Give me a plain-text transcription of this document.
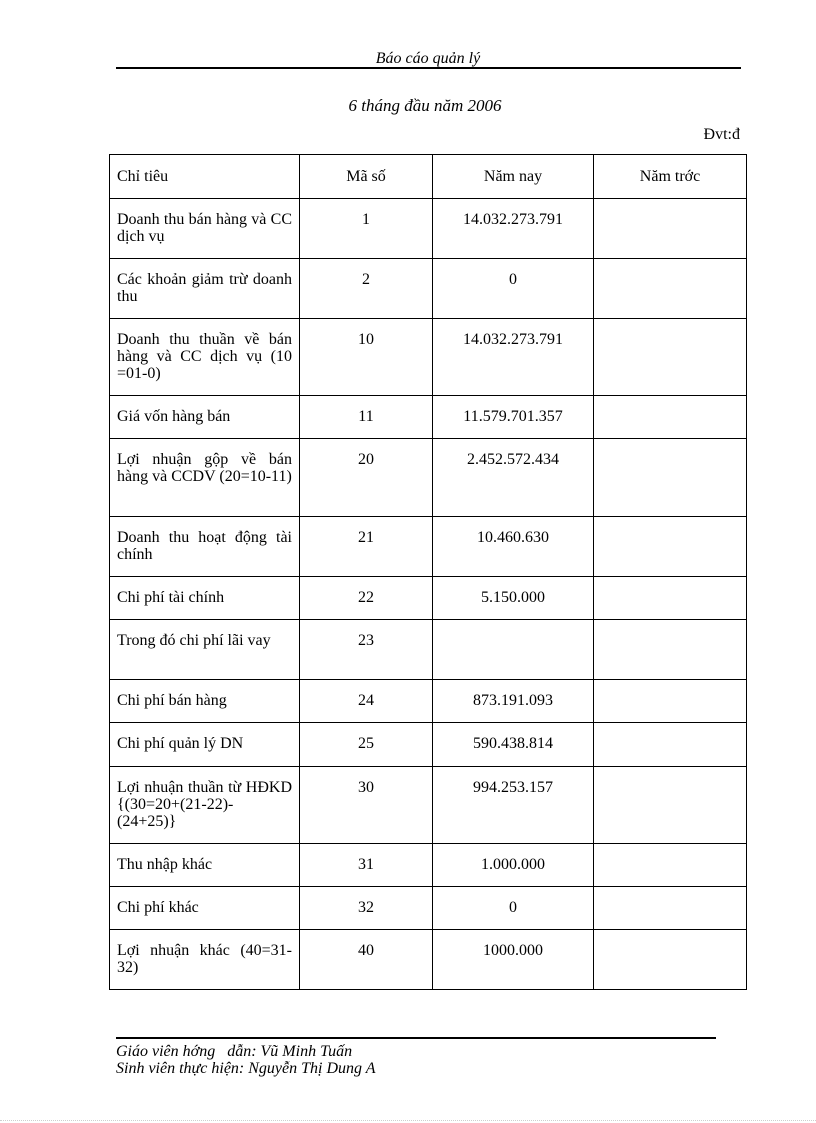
Báo cáo quản lý
6 tháng đầu năm 2006
Đvt:đ
Chỉ tiêu	Mã số	Năm nay	Năm trớc
Doanh thu bán hàng và CC dịch vụ	1	14.032.273.791	
Các khoản giảm trừ doanh thu	2	0	
Doanh thu thuần về bán hàng và CC dịch vụ (10 =01-0)	10	14.032.273.791	
Giá vốn hàng bán	11	11.579.701.357	
Lợi nhuận gộp về bán hàng và CCDV (20=10-11)	20	2.452.572.434	
Doanh thu hoạt động tài chính	21	10.460.630	
Chi phí tài chính	22	5.150.000	
Trong đó chi phí lãi vay	23		
Chi phí bán hàng	24	873.191.093	
Chi phí quản lý DN	25	590.438.814	
Lợi nhuận thuần từ HĐKD {(30=20+(21-22)-(24+25)}	30	994.253.157	
Thu nhập khác	31	1.000.000	
Chi phí khác	32	0	
Lợi nhuận khác (40=31-32)	40	1000.000	
Giáo viên hớng   dẫn: Vũ Minh Tuấn
Sinh viên thực hiện: Nguyễn Thị Dung A
